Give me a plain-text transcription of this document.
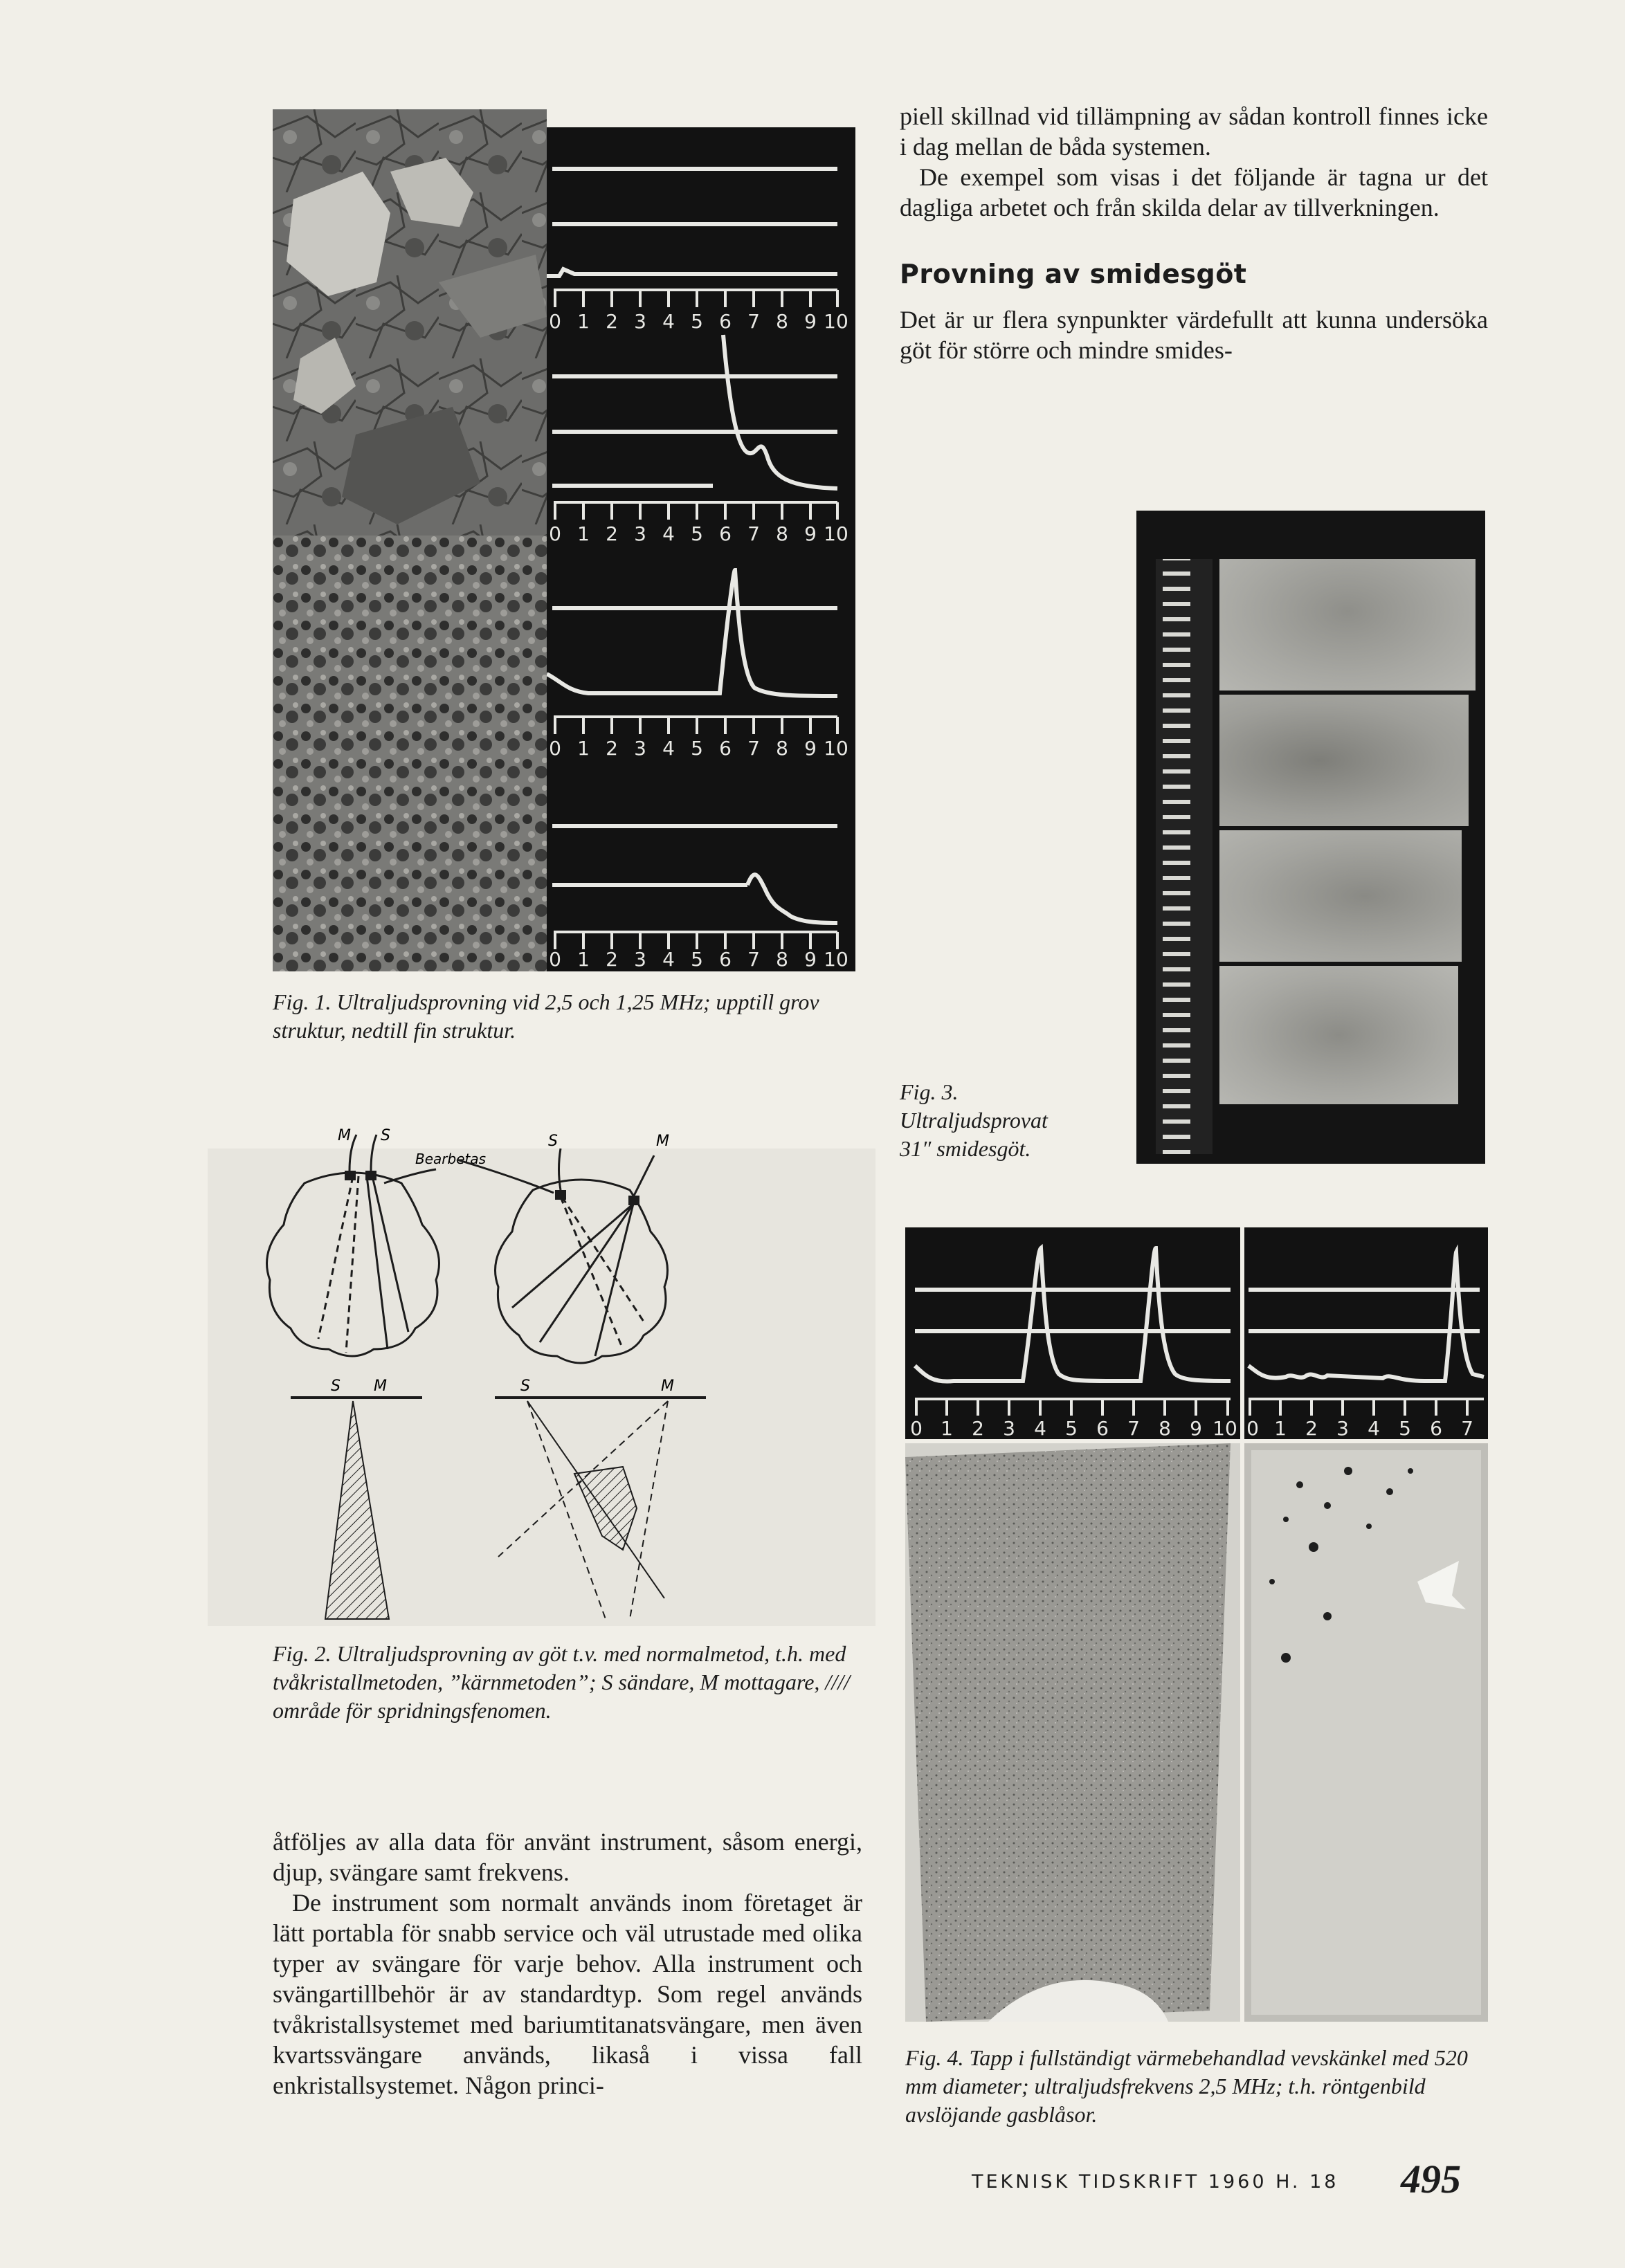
piell skillnad vid tillämpning av sådan kontroll finnes icke i dag mellan de båda systemen.

De exempel som visas i det följande är tagna ur det dagliga arbetet och från skilda delar av tillverkningen.

Provning av smidesgöt

Det är ur flera synpunkter värdefullt att kunna undersöka göt för större och mindre smides-

0 1 2 3 4 5 6 7 8 9 10
0 1 2 3 4 5 6 7 8 9 10
0 1 2 3 4 5 6 7 8 9 10
0 1 2 3 4 5 6 7 8 9 10
Fig. 1. Ultraljudsprovning vid 2,5 och 1,25 MHz; upptill grov struktur, nedtill fin struktur.
M S
Bearbetas
S	M
S M	S	M
Fig. 2. Ultraljudsprovning av göt t.v. med normalmetod, t.h. med tvåkristallmetoden, ”kärnmetoden”; S sändare, M mottagare, //// område för spridningsfenomen.
Fig. 3. Ultraljudsprovat 31″ smidesgöt.
0 1 2 3 4 5 6 7 8 9 10 0 1 2 3 4 5 6 7
Fig. 4. Tapp i fullständigt värmebehandlad vevskänkel med 520 mm diameter; ultraljudsfrekvens 2,5 MHz; t.h. röntgenbild avslöjande gasblåsor.

åtföljes av alla data för använt instrument, såsom energi, djup, svängare samt frekvens.

De instrument som normalt används inom företaget är lätt portabla för snabb service och väl utrustade med olika typer av svängare för varje behov. Alla instrument och svängartillbehör är av standardtyp. Som regel används tvåkristallsystemet med bariumtitanatsvängare, men även kvartssvängare används, likaså i vissa fall enkristallsystemet. Någon princi-

TEKNISK TIDSKRIFT 1960 H. 18 495
